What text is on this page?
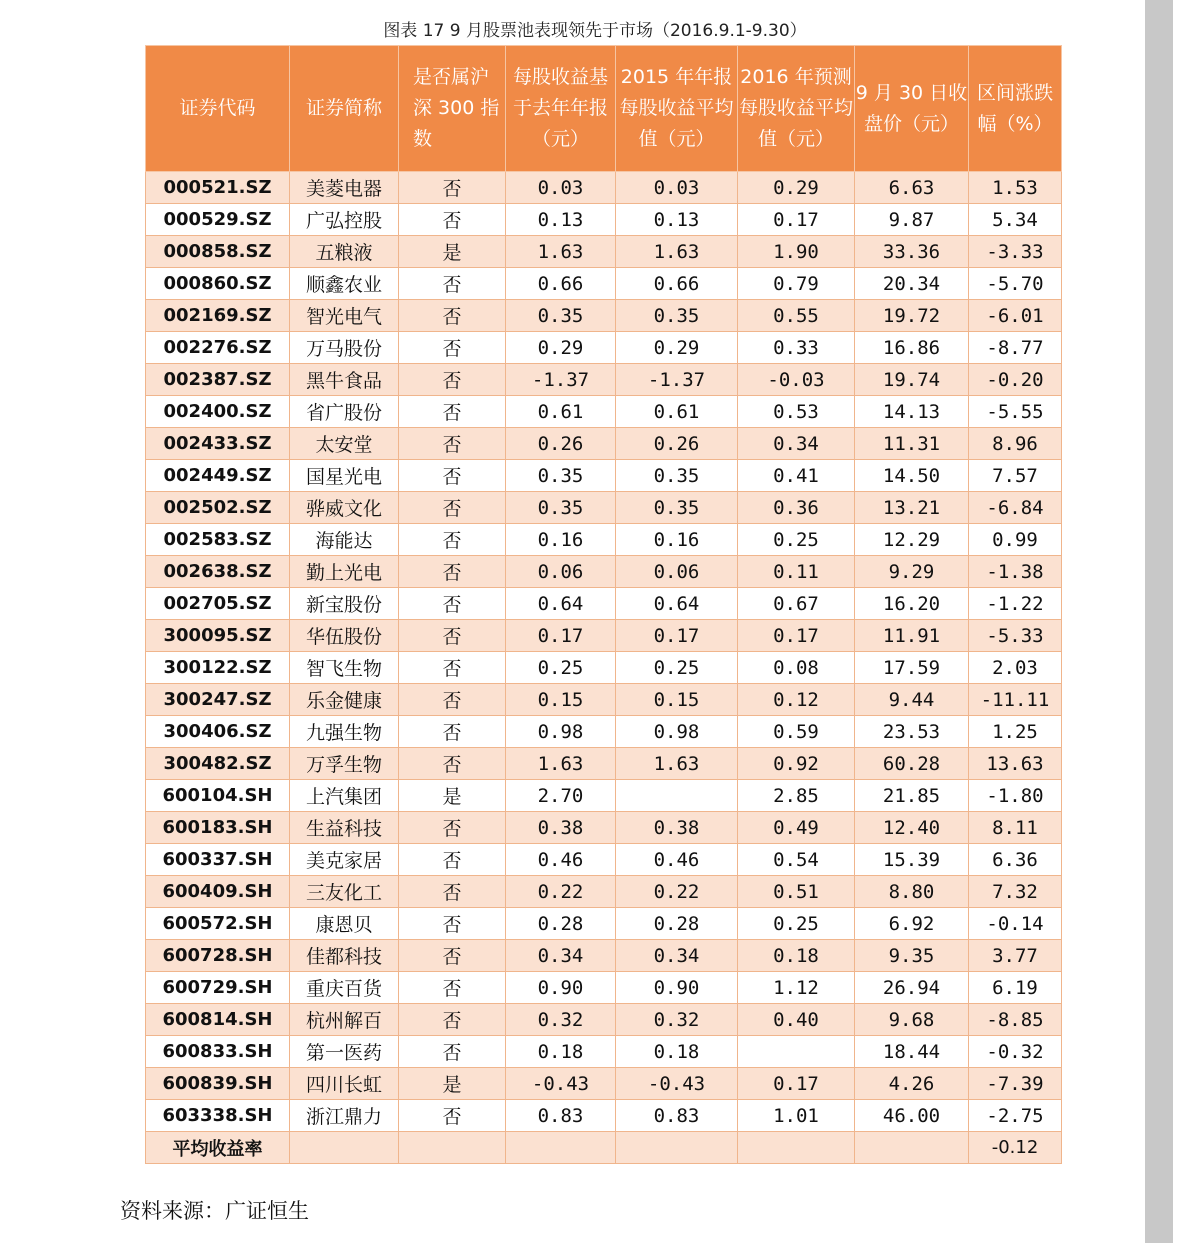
图表 17 9 月股票池表现领先于市场（2016.9.1-9.30）
证券代码	证券简称	是否属沪 深 300 指数	每股收益基于去年年报（元）	2015 年年报每股收益平均值（元）	2016 年预测每股收益平均值（元）	9 月 30 日收盘价（元）	区间涨跌幅（%）
000521.SZ	美菱电器	否	0.03	0.03	0.29	6.63	1.53
000529.SZ	广弘控股	否	0.13	0.13	0.17	9.87	5.34
000858.SZ	五粮液	是	1.63	1.63	1.90	33.36	-3.33
000860.SZ	顺鑫农业	否	0.66	0.66	0.79	20.34	-5.70
002169.SZ	智光电气	否	0.35	0.35	0.55	19.72	-6.01
002276.SZ	万马股份	否	0.29	0.29	0.33	16.86	-8.77
002387.SZ	黑牛食品	否	-1.37	-1.37	-0.03	19.74	-0.20
002400.SZ	省广股份	否	0.61	0.61	0.53	14.13	-5.55
002433.SZ	太安堂	否	0.26	0.26	0.34	11.31	8.96
002449.SZ	国星光电	否	0.35	0.35	0.41	14.50	7.57
002502.SZ	骅威文化	否	0.35	0.35	0.36	13.21	-6.84
002583.SZ	海能达	否	0.16	0.16	0.25	12.29	0.99
002638.SZ	勤上光电	否	0.06	0.06	0.11	9.29	-1.38
002705.SZ	新宝股份	否	0.64	0.64	0.67	16.20	-1.22
300095.SZ	华伍股份	否	0.17	0.17	0.17	11.91	-5.33
300122.SZ	智飞生物	否	0.25	0.25	0.08	17.59	2.03
300247.SZ	乐金健康	否	0.15	0.15	0.12	9.44	-11.11
300406.SZ	九强生物	否	0.98	0.98	0.59	23.53	1.25
300482.SZ	万孚生物	否	1.63	1.63	0.92	60.28	13.63
600104.SH	上汽集团	是	2.70		2.85	21.85	-1.80
600183.SH	生益科技	否	0.38	0.38	0.49	12.40	8.11
600337.SH	美克家居	否	0.46	0.46	0.54	15.39	6.36
600409.SH	三友化工	否	0.22	0.22	0.51	8.80	7.32
600572.SH	康恩贝	否	0.28	0.28	0.25	6.92	-0.14
600728.SH	佳都科技	否	0.34	0.34	0.18	9.35	3.77
600729.SH	重庆百货	否	0.90	0.90	1.12	26.94	6.19
600814.SH	杭州解百	否	0.32	0.32	0.40	9.68	-8.85
600833.SH	第一医药	否	0.18	0.18		18.44	-0.32
600839.SH	四川长虹	是	-0.43	-0.43	0.17	4.26	-7.39
603338.SH	浙江鼎力	否	0.83	0.83	1.01	46.00	-2.75
平均收益率							-0.12
资料来源：广证恒生
